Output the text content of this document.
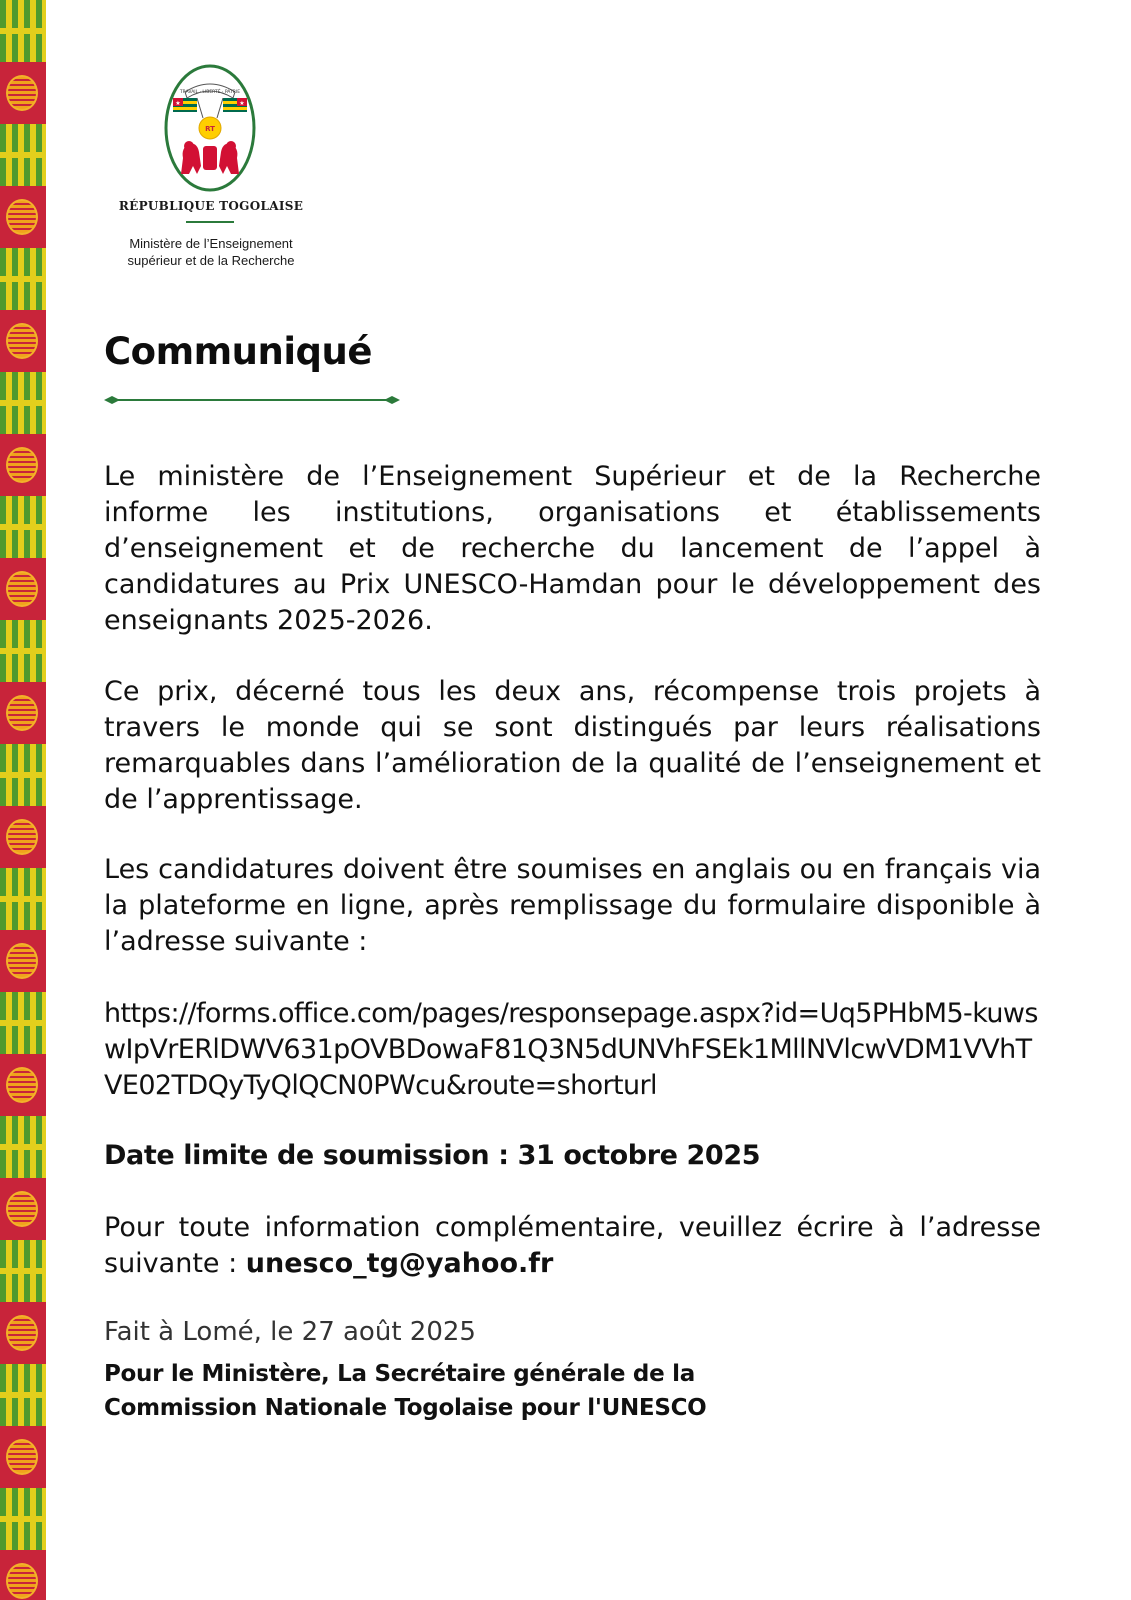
TRAVAIL · LIBERTÉ · PATRIE
★	★
RT
RÉPUBLIQUE TOGOLAISE
Ministère de l’Enseignement
supérieur et de la Recherche
Communiqué

Le ministère de l’Enseignement Supérieur et de la Recherche informe les institutions, organisations et établissements d’enseignement et de recherche du lancement de l’appel à candidatures au Prix UNESCO-Hamdan pour le développement des enseignants 2025-2026.

Ce prix, décerné tous les deux ans, récompense trois projets à travers le monde qui se sont distingués par leurs réalisations remarquables dans l’amélioration de la qualité de l’enseignement et de l’apprentissage.

Les candidatures doivent être soumises en anglais ou en français via la plateforme en ligne, après remplissage du formulaire disponible à l’adresse suivante :

https://forms.office.com/pages/responsepage.aspx?id=Uq5PHbM5-kuwswIpVrERlDWV631pOVBDowaF81Q3N5dUNVhFSEk1MllNVlcwVDM1VVhTVE02TDQyTyQlQCN0PWcu&route=shorturl

Date limite de soumission : 31 octobre 2025

Pour toute information complémentaire, veuillez écrire à l’adresse suivante : unesco_tg@yahoo.fr

Fait à Lomé, le 27 août 2025
Pour le Ministère, La Secrétaire générale de la
Commission Nationale Togolaise pour l'UNESCO
